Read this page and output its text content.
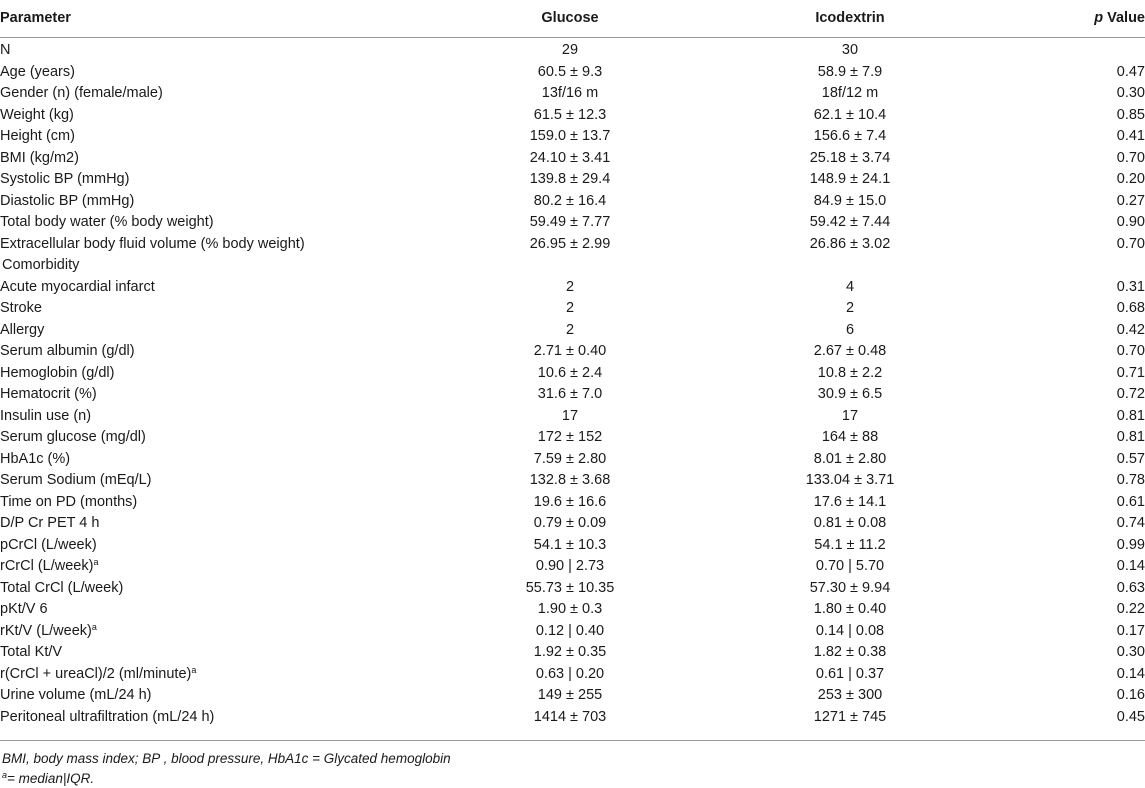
Parameter	Glucose	Icodextrin	p Value

N	29	30	
Age (years)	60.5 ± 9.3	58.9 ± 7.9	0.47
Gender (n) (female/male)	13f/16 m	18f/12 m	0.30
Weight (kg)	61.5 ± 12.3	62.1 ± 10.4	0.85
Height (cm)	159.0 ± 13.7	156.6 ± 7.4	0.41
BMI (kg/m2)	24.10 ± 3.41	25.18 ± 3.74	0.70
Systolic BP (mmHg)	139.8 ± 29.4	148.9 ± 24.1	0.20
Diastolic BP (mmHg)	80.2 ± 16.4	84.9 ± 15.0	0.27
Total body water (% body weight)	59.49 ± 7.77	59.42 ± 7.44	0.90
Extracellular body fluid volume (% body weight)	26.95 ± 2.99	26.86 ± 3.02	0.70
Comorbidity			
Acute myocardial infarct	2	4	0.31
Stroke	2	2	0.68
Allergy	2	6	0.42
Serum albumin (g/dl)	2.71 ± 0.40	2.67 ± 0.48	0.70
Hemoglobin (g/dl)	10.6 ± 2.4	10.8 ± 2.2	0.71
Hematocrit (%)	31.6 ± 7.0	30.9 ± 6.5	0.72
Insulin use (n)	17	17	0.81
Serum glucose (mg/dl)	172 ± 152	164 ± 88	0.81
HbA1c (%)	7.59 ± 2.80	8.01 ± 2.80	0.57
Serum Sodium (mEq/L)	132.8 ± 3.68	133.04 ± 3.71	0.78
Time on PD (months)	19.6 ± 16.6	17.6 ± 14.1	0.61
D/P Cr PET 4 h	0.79 ± 0.09	0.81 ± 0.08	0.74
pCrCl (L/week)	54.1 ± 10.3	54.1 ± 11.2	0.99
rCrCl (L/week)$^a$	0.90 | 2.73	0.70 | 5.70	0.14
Total CrCl (L/week)	55.73 ± 10.35	57.30 ± 9.94	0.63
pKt/V 6	1.90 ± 0.3	1.80 ± 0.40	0.22
rKt/V (L/week)$^a$	0.12 | 0.40	0.14 | 0.08	0.17
Total Kt/V	1.92 ± 0.35	1.82 ± 0.38	0.30
r(CrCl + ureaCl)/2 (ml/minute)$^a$	0.63 | 0.20	0.61 | 0.37	0.14
Urine volume (mL/24 h)	149 ± 255	253 ± 300	0.16
Peritoneal ultrafiltration (mL/24 h)	1414 ± 703	1271 ± 745	0.45
BMI, body mass index; BP , blood pressure, HbA1c = Glycated hemoglobin
$^a$= median|IQR.
